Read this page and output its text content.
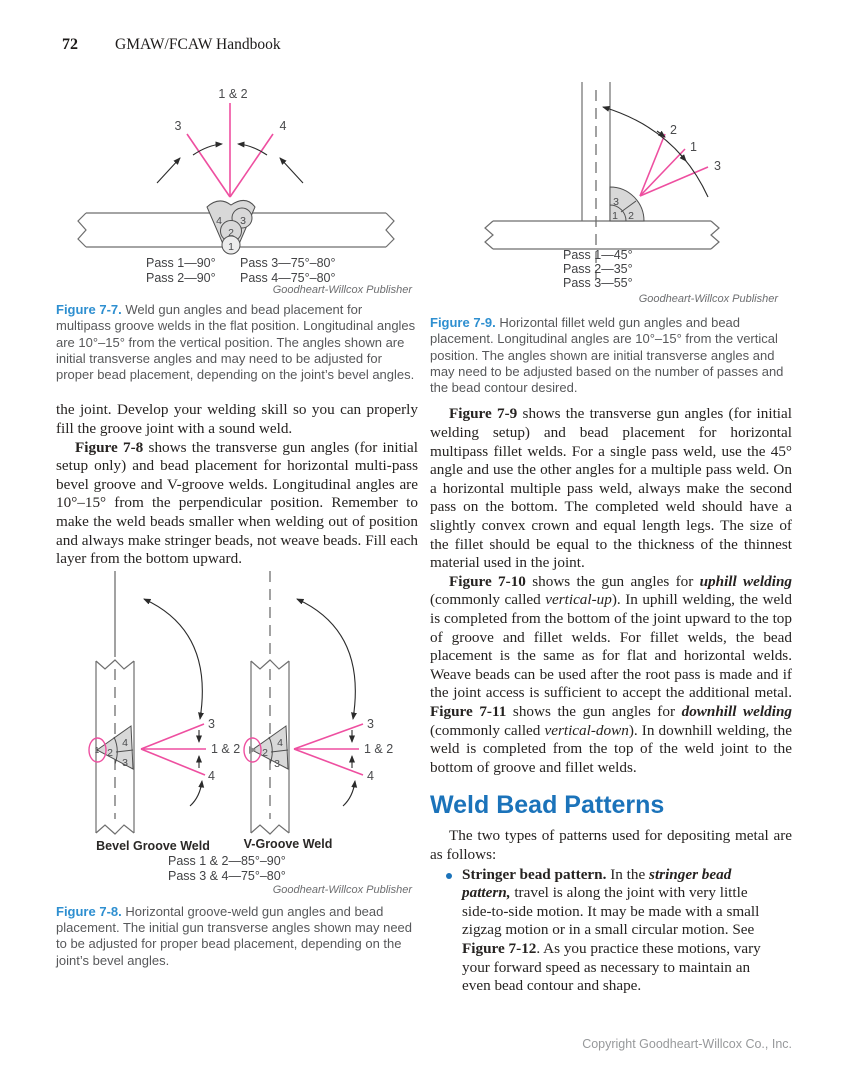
72 GMAW/FCAW Handbook
1 & 2
3	4
4 3
2
1
Pass 1—90°
Pass 2—90°
Pass 3—75°–80°
Pass 4—75°–80°
Goodheart-Willcox Publisher
Figure 7-7. Weld gun angles and bead placement for multipass groove welds in the flat position. Longitudinal angles are 10°–15° from the vertical position. The angles shown are initial transverse angles and may need to be adjusted for proper bead placement, depending on the joint’s bevel angles.

the joint. Develop your welding skill so you can properly fill the groove joint with a sound weld.

Figure 7-8 shows the transverse gun angles (for initial setup only) and bead placement for horizontal multi-pass bevel groove and V-groove welds. Longitudinal angles are 10°–15° from the perpendicular position. Remember to make the weld beads smaller when welding out of position and always make stringer beads, not weave beads. Fill each layer from the bottom upward.

1 2
4
3
3
1 & 2
4
Bevel Groove Weld
2
4
3
3
1 & 2
4
V-Groove Weld
Pass 1 & 2—85°–90°
Pass 3 & 4—75°–80°
Goodheart-Willcox Publisher
Figure 7-8. Horizontal groove-weld gun angles and bead placement. The initial gun transverse angles shown may need to be adjusted for proper bead placement, depending on the joint’s bevel angles.
3
1 2
2
1
3
Pass 1—45°
Pass 2—35°
Pass 3—55°
Goodheart-Willcox Publisher
Figure 7-9. Horizontal fillet weld gun angles and bead placement. Longitudinal angles are 10°–15° from the vertical position. The angles shown are initial transverse angles and may need to be adjusted based on the number of passes and the bead contour desired.

Figure 7-9 shows the transverse gun angles (for initial welding setup) and bead placement for horizontal multipass fillet welds. For a single pass weld, use the 45° angle and use the other angles for a multiple pass weld. On a horizontal multiple pass weld, always make the second pass on the bottom. The completed weld should have a slightly convex crown and equal length legs. The size of the fillet should be equal to the thickness of the thinnest material used in the joint.

Figure 7-10 shows the gun angles for uphill welding (commonly called vertical-up). In uphill welding, the weld is completed from the bottom of the joint upward to the top of groove and fillet welds. For fillet welds, the bead placement is the same as for flat and horizontal welds. Weave beads can be used after the root pass is made and if the joint access is sufficient to accept the additional metal. Figure 7-11 shows the gun angles for downhill welding (commonly called vertical-down). In downhill welding, the weld is completed from the top of the weld joint to the bottom of groove and fillet welds.

Weld Bead Patterns

The two types of patterns used for depositing metal are as follows:

Stringer bead pattern. In the stringer bead pattern, travel is along the joint with very little side-to-side motion. It may be made with a small zigzag motion or in a small circular motion. See Figure 7-12. As you practice these motions, vary your forward speed as necessary to maintain an even bead contour and shape.
Copyright Goodheart-Willcox Co., Inc.
